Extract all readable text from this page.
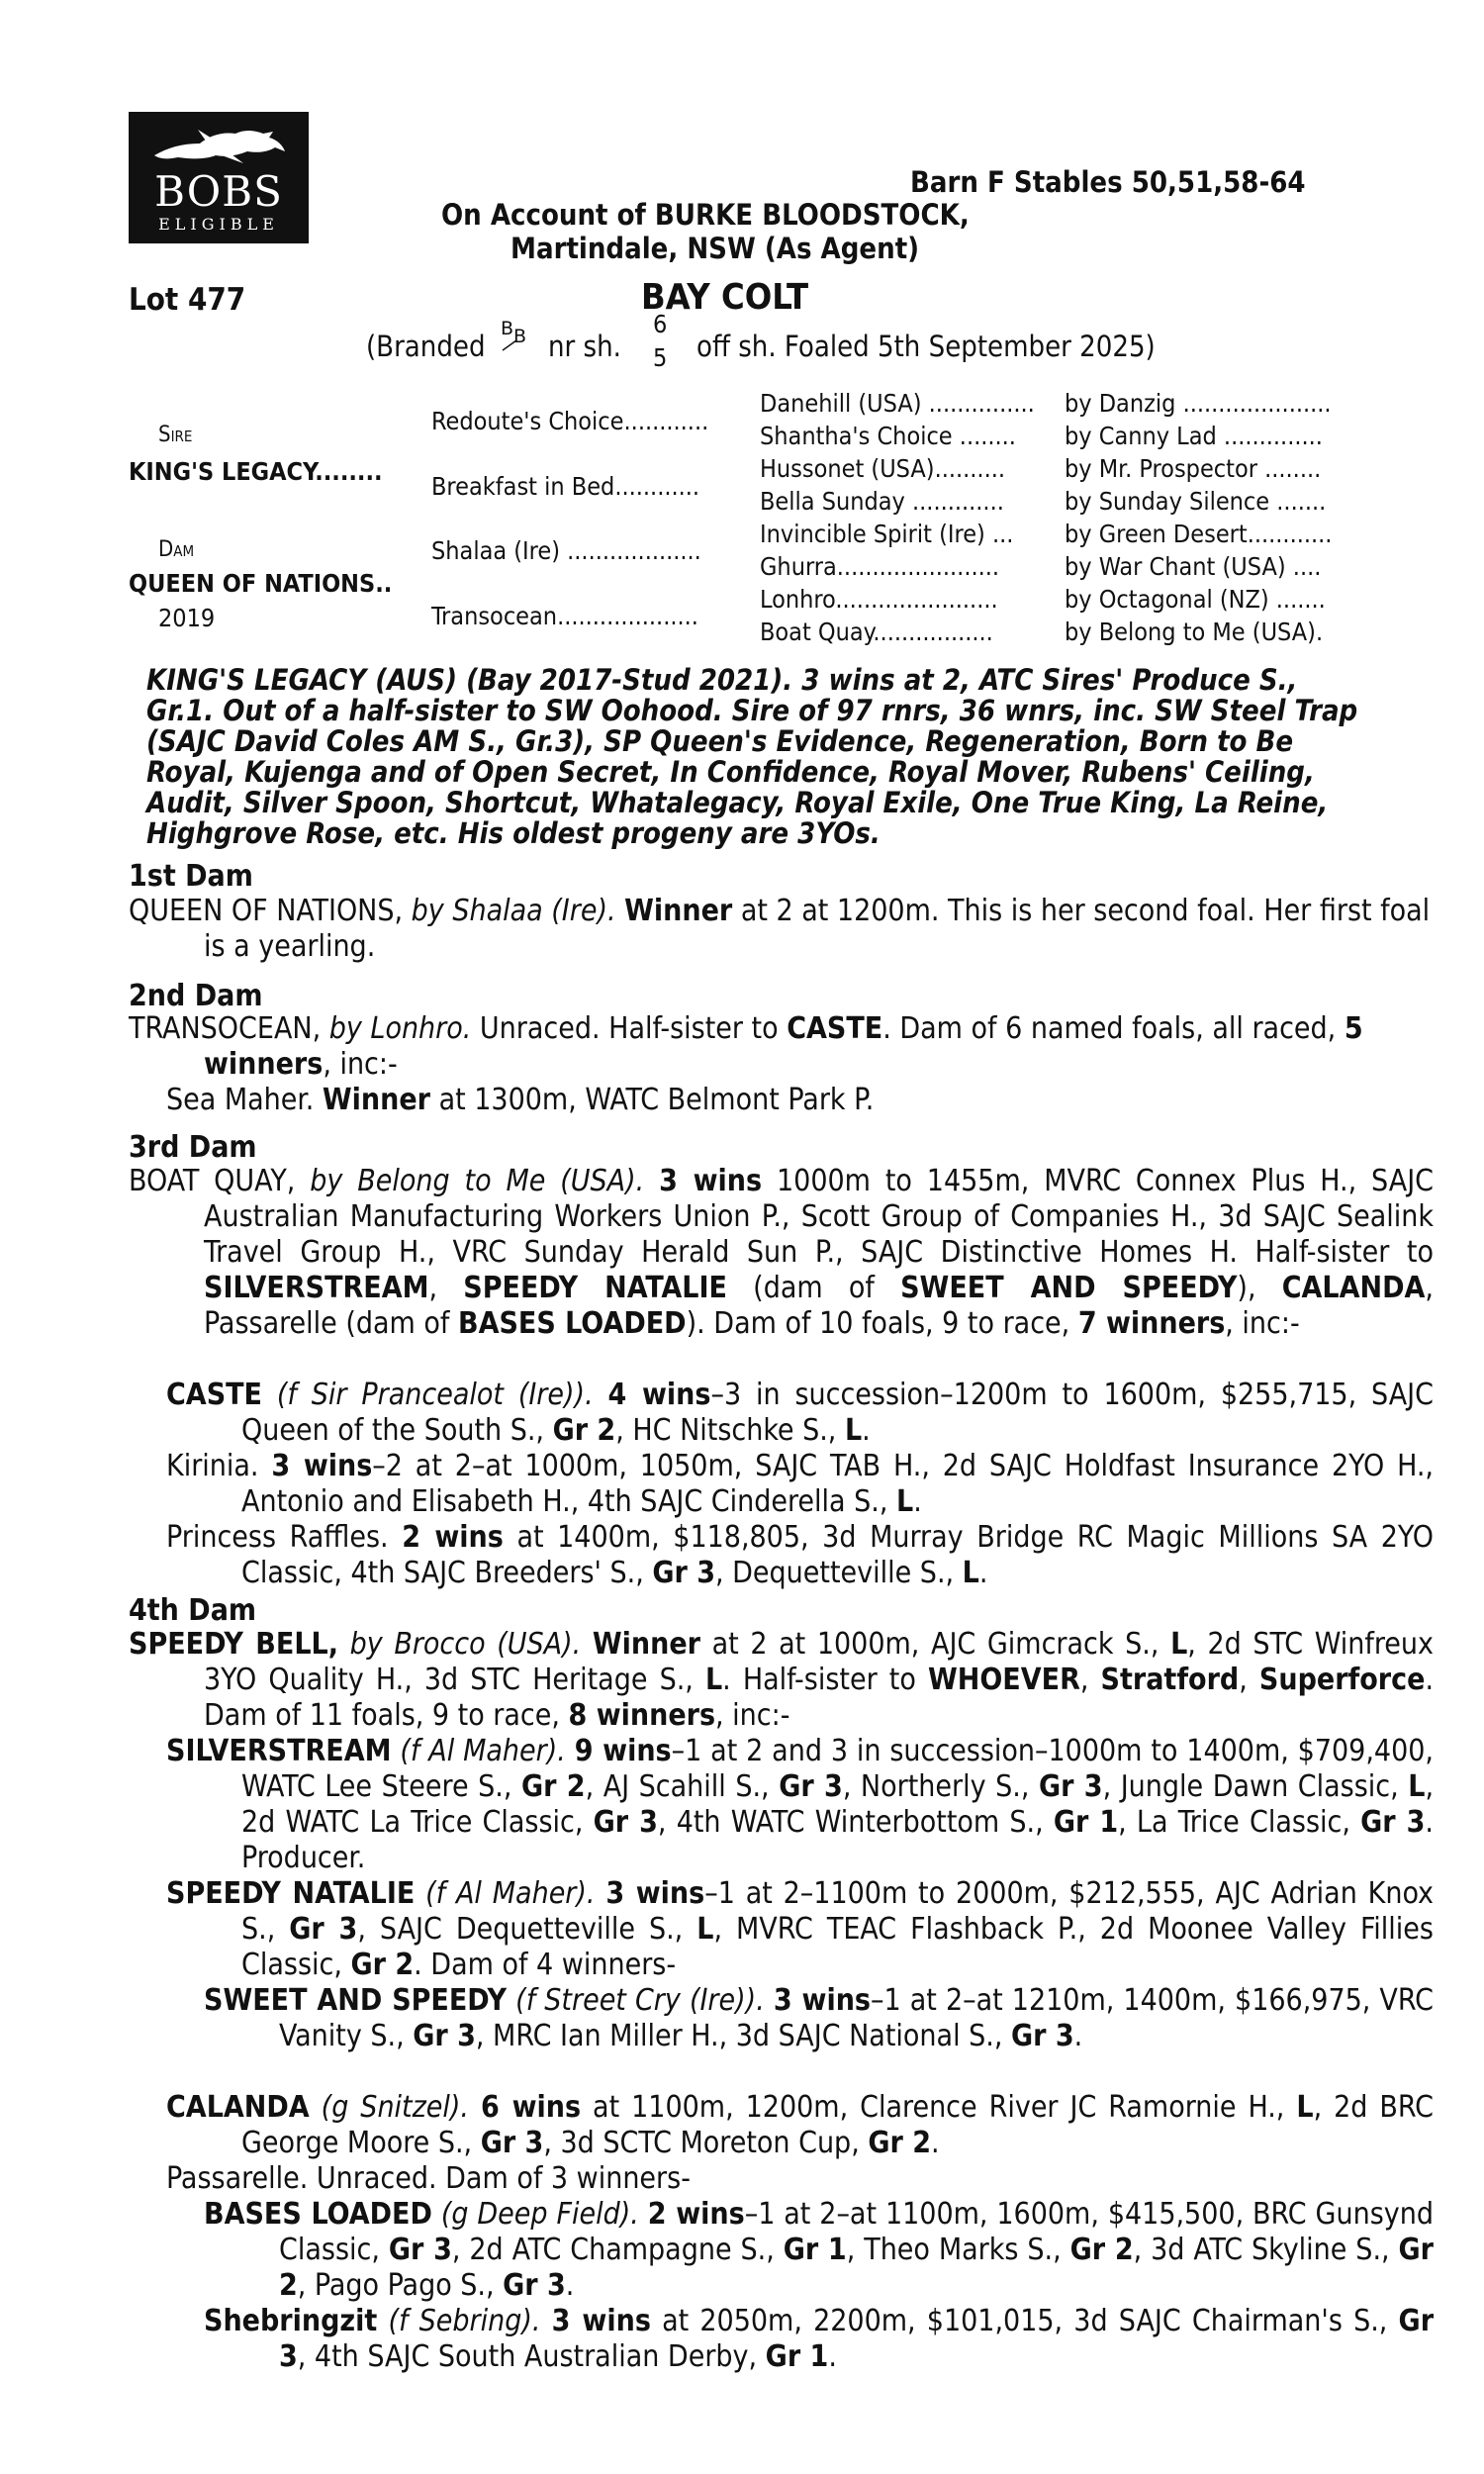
BOBS
ELIGIBLE
Barn F Stables 50,51,58-64
On Account of BURKE BLOODSTOCK,
Martindale, NSW (As Agent)
Lot 477	BAY COLT
(Branded
B B nr sh.
6
5 off sh. Foaled 5th September 2025)
Sire
KING'S LEGACY........
Dam
QUEEN OF NATIONS..
2019
Redoute's Choice............
Breakfast in Bed............
Shalaa (Ire) ...................
Transocean....................
Danehill (USA) ...............
Shantha's Choice ........
Hussonet (USA)..........
Bella Sunday .............
Invincible Spirit (Ire) ...
Ghurra.......................
Lonhro.......................
Boat Quay.................
by Danzig .....................
by Canny Lad ..............
by Mr. Prospector ........
by Sunday Silence .......
by Green Desert............
by War Chant (USA) ....
by Octagonal (NZ) .......
by Belong to Me (USA).
KING'S LEGACY (AUS) (Bay 2017-Stud 2021). 3 wins at 2, ATC Sires' Produce S., Gr.1. Out of a half-sister to SW Oohood. Sire of 97 rnrs, 36 wnrs, inc. SW Steel Trap (SAJC David Coles AM S., Gr.3), SP Queen's Evidence, Regeneration, Born to Be Royal, Kujenga and of Open Secret, In Confidence, Royal Mover, Rubens' Ceiling, Audit, Silver Spoon, Shortcut, Whatalegacy, Royal Exile, One True King, La Reine, Highgrove Rose, etc. His oldest progeny are 3YOs.
1st Dam
QUEEN OF NATIONS, by Shalaa (Ire). Winner at 2 at 1200m. This is her second foal. Her first foal is a yearling.
2nd Dam
TRANSOCEAN, by Lonhro. Unraced. Half-sister to CASTE. Dam of 6 named foals, all raced, 5 winners, inc:-
Sea Maher. Winner at 1300m, WATC Belmont Park P.
3rd Dam
BOAT QUAY, by Belong to Me (USA). 3 wins 1000m to 1455m, MVRC Connex Plus H., SAJC Australian Manufacturing Workers Union P., Scott Group of Companies H., 3d SAJC Sealink Travel Group H., VRC Sunday Herald Sun P., SAJC Distinctive Homes H. Half-sister to SILVERSTREAM, SPEEDY NATALIE (dam of SWEET AND SPEEDY), CALANDA, Passarelle (dam of BASES LOADED). Dam of 10 foals, 9 to race, 7 winners, inc:-
CASTE (f Sir Prancealot (Ire)). 4 wins–3 in succession–1200m to 1600m, $255,715, SAJC Queen of the South S., Gr 2, HC Nitschke S., L.
Kirinia. 3 wins–2 at 2–at 1000m, 1050m, SAJC TAB H., 2d SAJC Holdfast Insurance 2YO H., Antonio and Elisabeth H., 4th SAJC Cinderella S., L.
Princess Raffles. 2 wins at 1400m, $118,805, 3d Murray Bridge RC Magic Millions SA 2YO Classic, 4th SAJC Breeders' S., Gr 3, Dequetteville S., L.
4th Dam
SPEEDY BELL, by Brocco (USA). Winner at 2 at 1000m, AJC Gimcrack S., L, 2d STC Winfreux 3YO Quality H., 3d STC Heritage S., L. Half-sister to WHOEVER, Stratford, Superforce. Dam of 11 foals, 9 to race, 8 winners, inc:-
SILVERSTREAM (f Al Maher). 9 wins–1 at 2 and 3 in succession–1000m to 1400m, $709,400, WATC Lee Steere S., Gr 2, AJ Scahill S., Gr 3, Northerly S., Gr 3, Jungle Dawn Classic, L, 2d WATC La Trice Classic, Gr 3, 4th WATC Winterbottom S., Gr 1, La Trice Classic, Gr 3. Producer.
SPEEDY NATALIE (f Al Maher). 3 wins–1 at 2–1100m to 2000m, $212,555, AJC Adrian Knox S., Gr 3, SAJC Dequetteville S., L, MVRC TEAC Flashback P., 2d Moonee Valley Fillies Classic, Gr 2. Dam of 4 winners-
SWEET AND SPEEDY (f Street Cry (Ire)). 3 wins–1 at 2–at 1210m, 1400m, $166,975, VRC Vanity S., Gr 3, MRC Ian Miller H., 3d SAJC National S., Gr 3.
CALANDA (g Snitzel). 6 wins at 1100m, 1200m, Clarence River JC Ramornie H., L, 2d BRC George Moore S., Gr 3, 3d SCTC Moreton Cup, Gr 2.
Passarelle. Unraced. Dam of 3 winners-
BASES LOADED (g Deep Field). 2 wins–1 at 2–at 1100m, 1600m, $415,500, BRC Gunsynd Classic, Gr 3, 2d ATC Champagne S., Gr 1, Theo Marks S., Gr 2, 3d ATC Skyline S., Gr 2, Pago Pago S., Gr 3.
Shebringzit (f Sebring). 3 wins at 2050m, 2200m, $101,015, 3d SAJC Chairman's S., Gr 3, 4th SAJC South Australian Derby, Gr 1.
